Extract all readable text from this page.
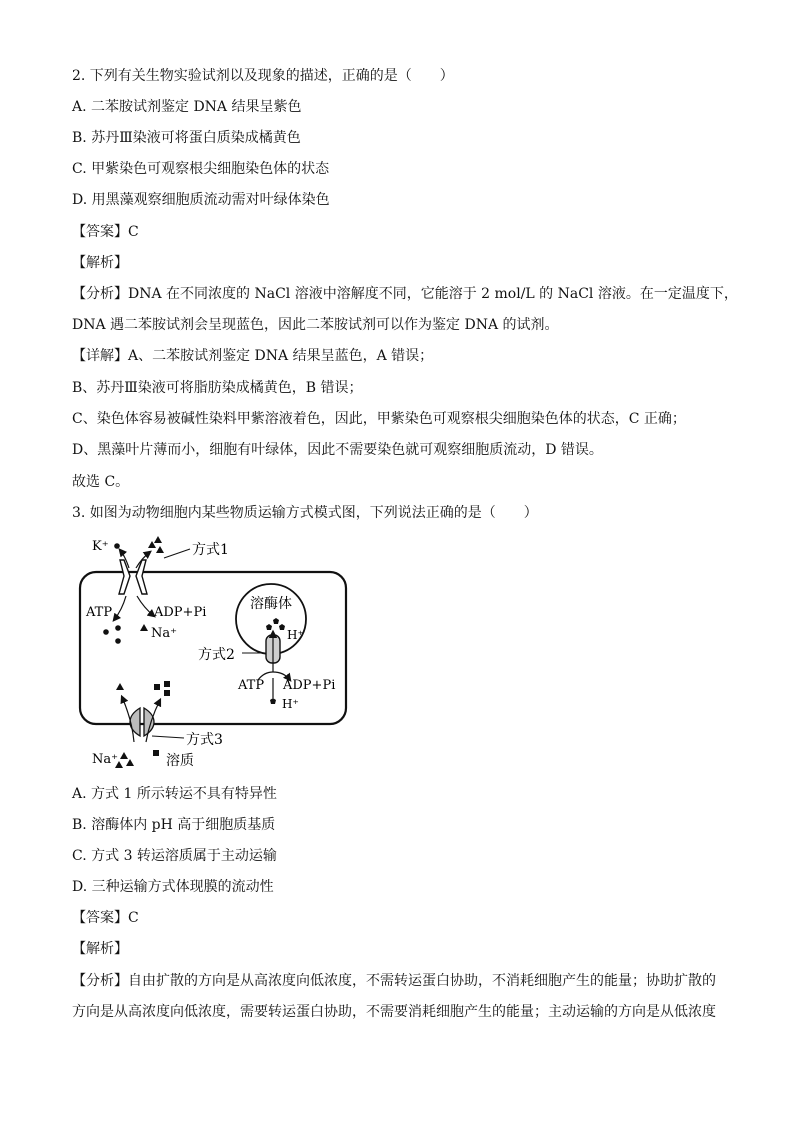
2. 下列有关生物实验试剂以及现象的描述，正确的是（　　）
A. 二苯胺试剂鉴定 DNA 结果呈紫色
B. 苏丹Ⅲ染液可将蛋白质染成橘黄色
C. 甲紫染色可观察根尖细胞染色体的状态
D. 用黑藻观察细胞质流动需对叶绿体染色
【答案】C
【解析】
【分析】DNA 在不同浓度的 NaCl 溶液中溶解度不同，它能溶于 2 mol/L 的 NaCl 溶液。在一定温度下，
DNA 遇二苯胺试剂会呈现蓝色，因此二苯胺试剂可以作为鉴定 DNA 的试剂。
【详解】A、二苯胺试剂鉴定 DNA 结果呈蓝色，A 错误；
B、苏丹Ⅲ染液可将脂肪染成橘黄色，B 错误；
C、染色体容易被碱性染料甲紫溶液着色，因此，甲紫染色可观察根尖细胞染色体的状态，C 正确；
D、黑藻叶片薄而小，细胞有叶绿体，因此不需要染色就可观察细胞质流动，D 错误。
故选 C。
3. 如图为动物细胞内某些物质运输方式模式图，下列说法正确的是（　　）
K⁺	方式1
ATP	ADP+Pi
Na⁺
溶酶体
H⁺
方式2
ATP ADP+Pi
H⁺
方式3
Na⁺	溶质
A. 方式 1 所示转运不具有特异性
B. 溶酶体内 pH 高于细胞质基质
C. 方式 3 转运溶质属于主动运输
D. 三种运输方式体现膜的流动性
【答案】C
【解析】
【分析】自由扩散的方向是从高浓度向低浓度，不需转运蛋白协助，不消耗细胞产生的能量；协助扩散的
方向是从高浓度向低浓度，需要转运蛋白协助，不需要消耗细胞产生的能量；主动运输的方向是从低浓度
